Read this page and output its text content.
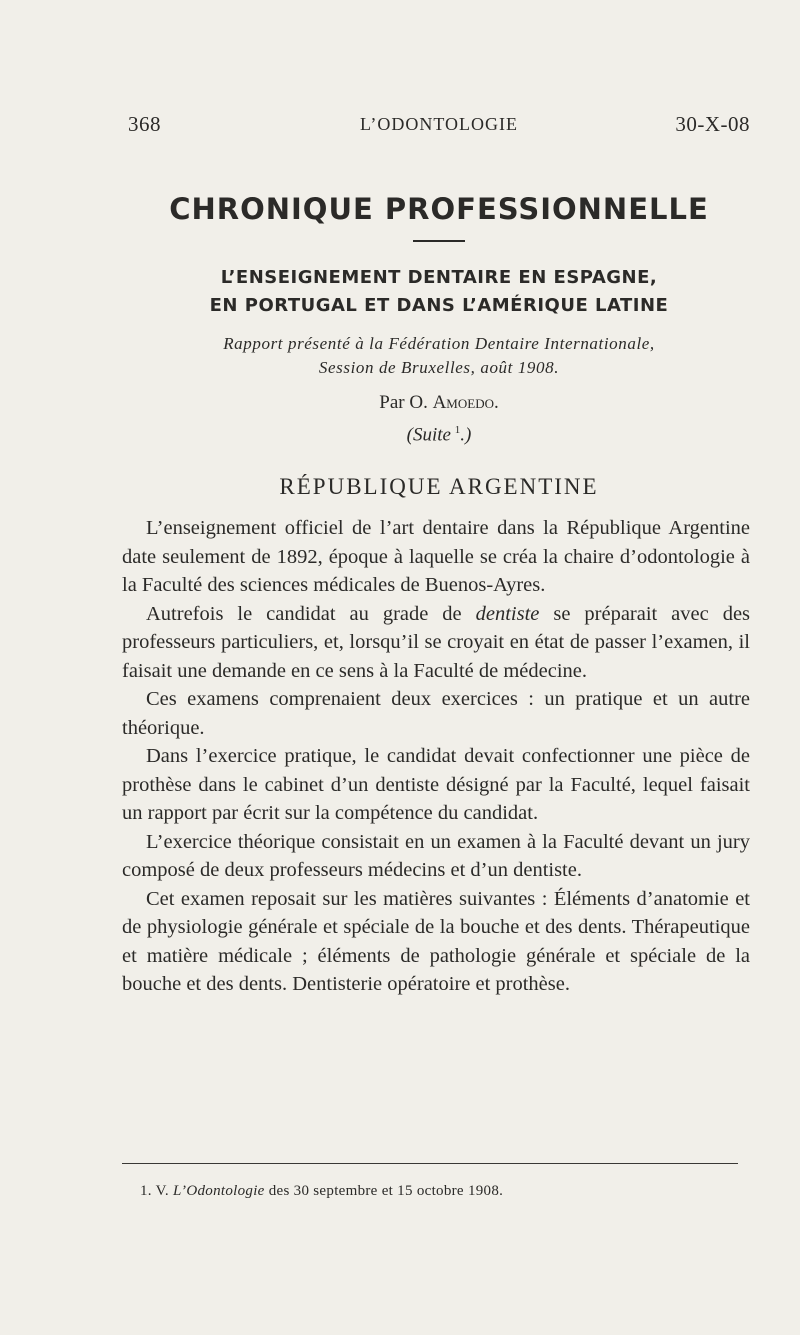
368	L’ODONTOLOGIE	30-X-08
CHRONIQUE PROFESSIONNELLE
L’ENSEIGNEMENT DENTAIRE EN ESPAGNE,
EN PORTUGAL ET DANS L’AMÉRIQUE LATINE
Rapport présenté à la Fédération Dentaire Internationale,
Session de Bruxelles, août 1908.
Par O. Amoedo.
(Suite  $^1$.)
RÉPUBLIQUE ARGENTINE

L’enseignement officiel de l’art dentaire dans la République Argentine date seulement de 1892, époque à laquelle se créa la chaire d’odontologie à la Faculté des sciences médicales de Buenos-Ayres.

Autrefois le candidat au grade de dentiste se préparait avec des professeurs particuliers, et, lorsqu’il se croyait en état de passer l’examen, il faisait une demande en ce sens à la Faculté de médecine.

Ces examens comprenaient deux exercices : un pratique et un autre théorique.

Dans l’exercice pratique, le candidat devait confectionner une pièce de prothèse dans le cabinet d’un dentiste désigné par la Faculté, lequel faisait un rapport par écrit sur la compétence du candidat.

L’exercice théorique consistait en un examen à la Faculté devant un jury composé de deux professeurs médecins et d’un dentiste.

Cet examen reposait sur les matières suivantes : Éléments d’anatomie et de physiologie générale et spéciale de la bouche et des dents. Thérapeutique et matière médicale ; éléments de pathologie générale et spéciale de la bouche et des dents. Dentisterie opératoire et prothèse.

1. V. L’Odontologie des 30 septembre et 15 octobre 1908.
